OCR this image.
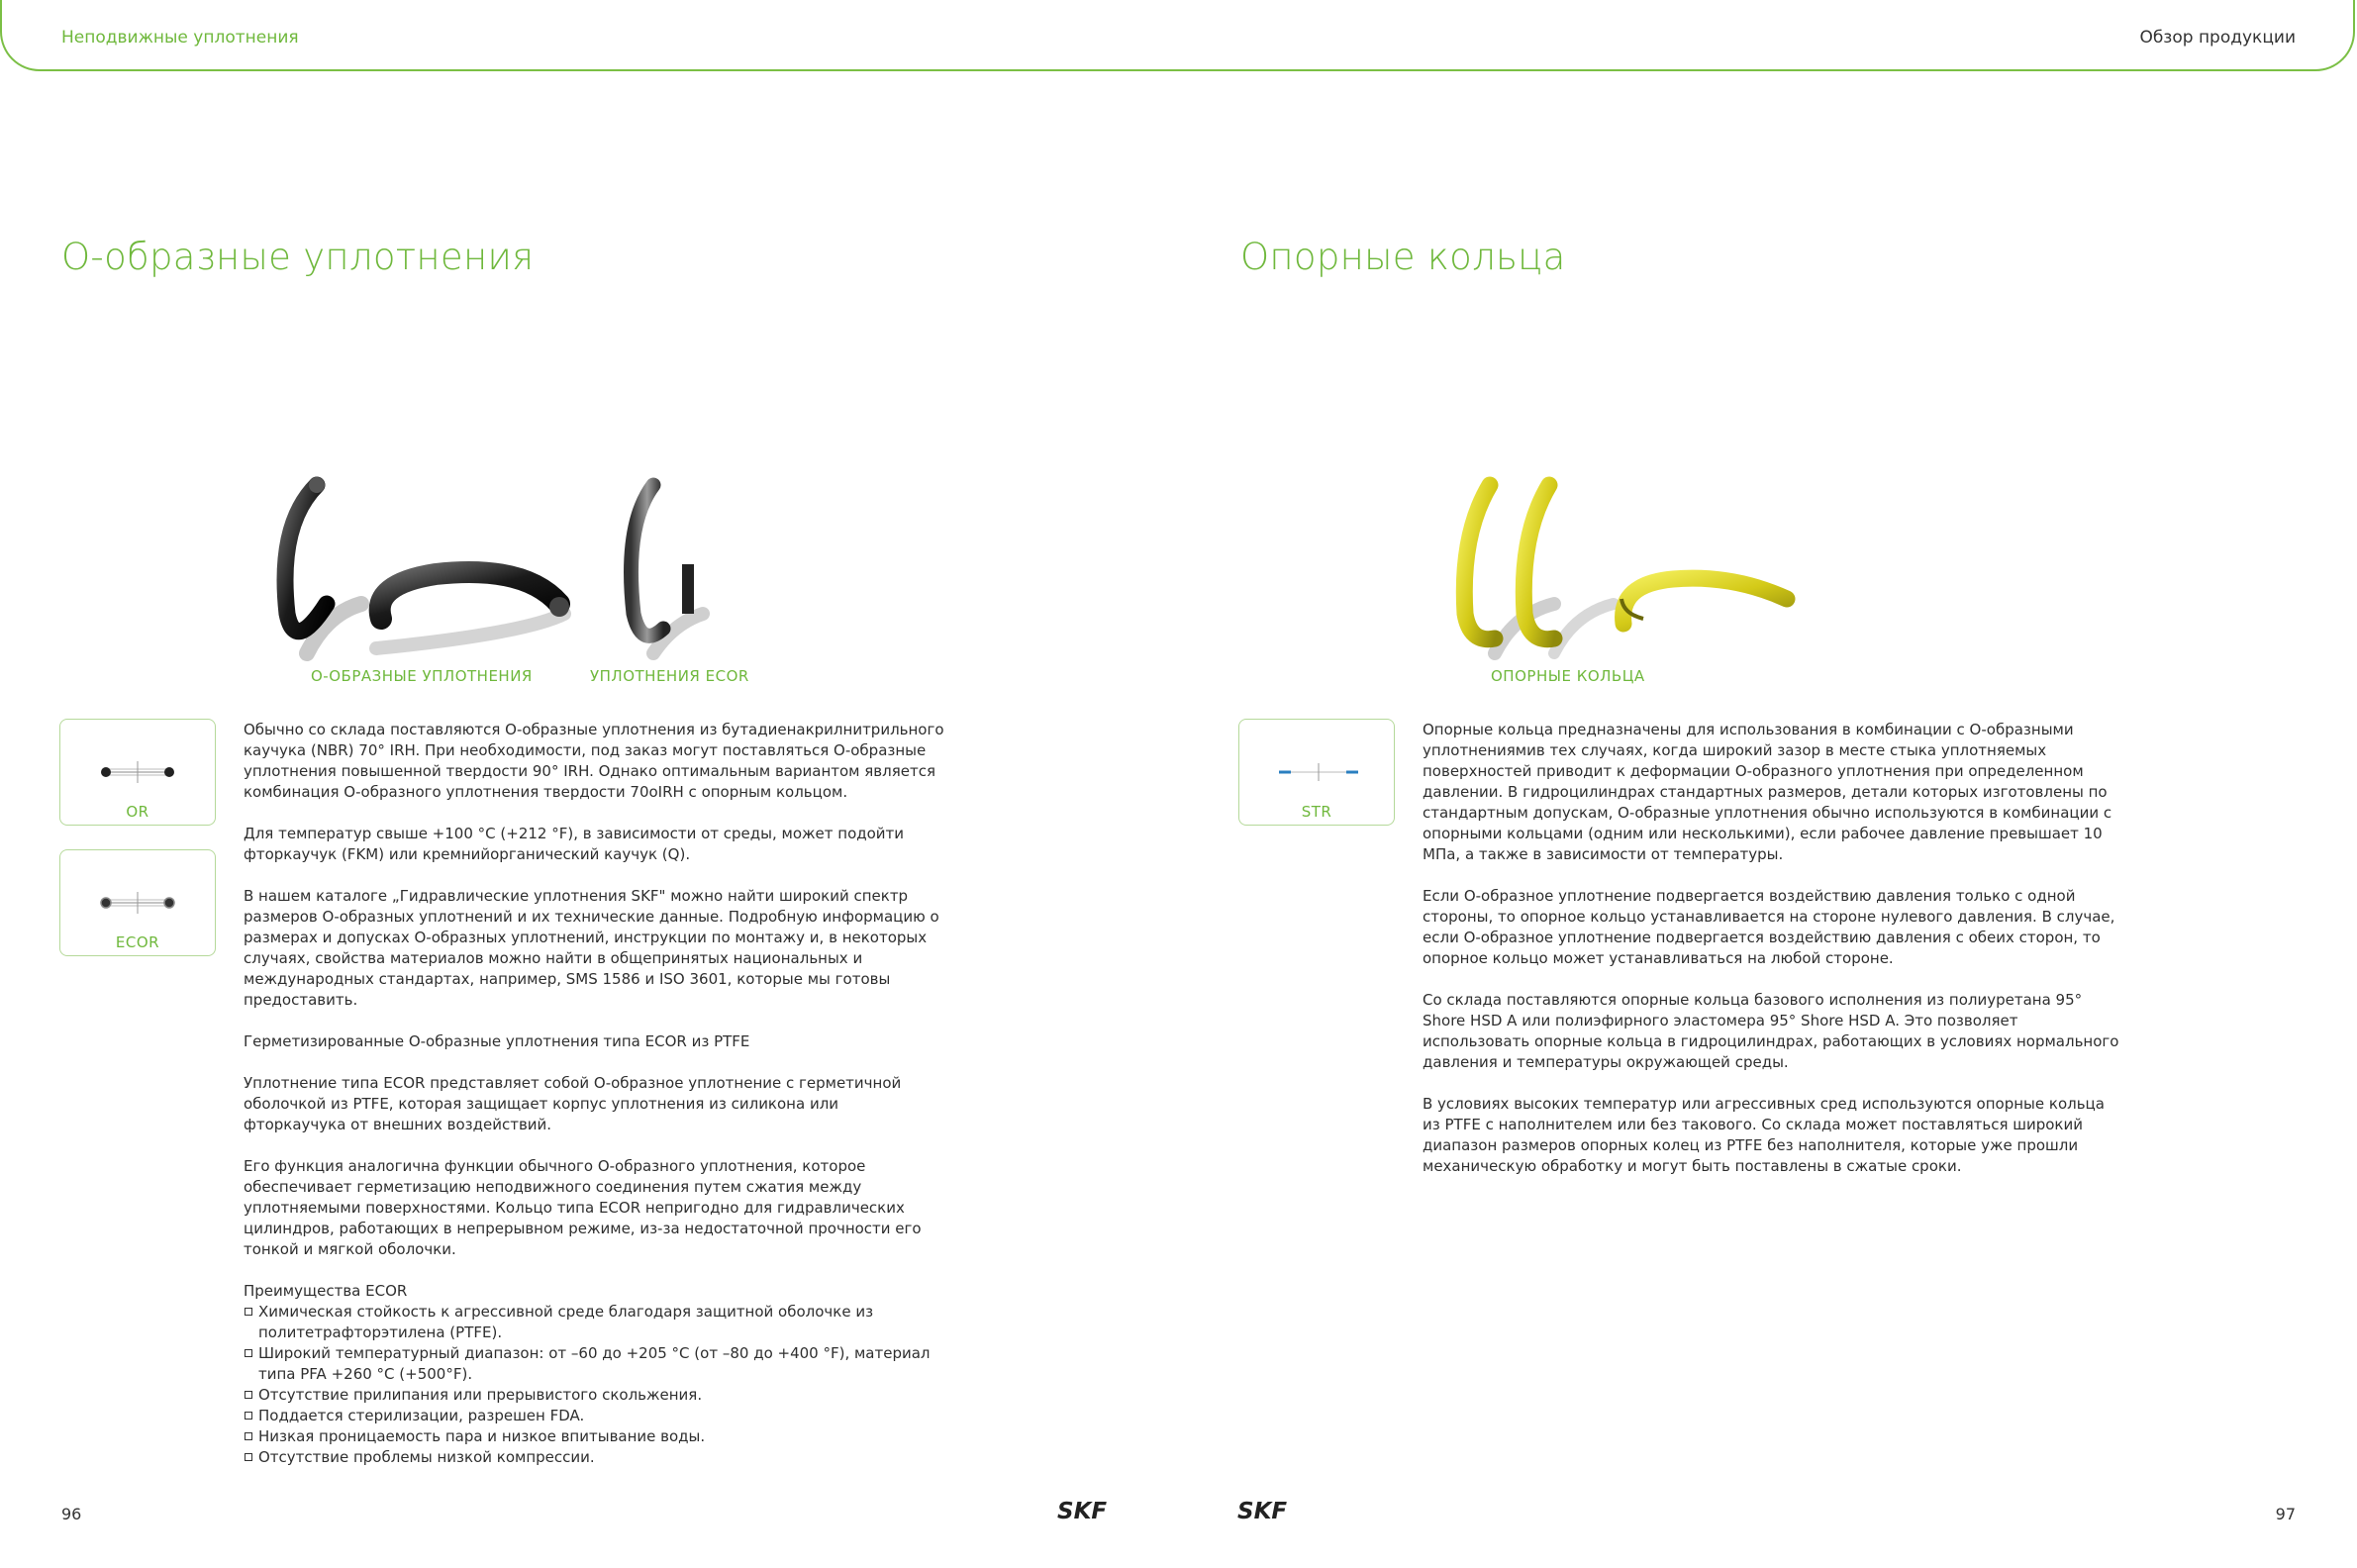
Неподвижные уплотнения	Обзор продукции
О-образные уплотнения
О-ОБРАЗНЫЕ УПЛОТНЕНИЯ	УПЛОТНЕНИЯ ECOR
OR
ECOR

Обычно со склада поставляются О-образные уплотнения из бутадиенакрилнитрильного каучука (NBR) 70° IRH. При необходимости, под заказ могут поставляться О-образные уплотнения повышенной твердости 90° IRH. Однако оптимальным вариантом является комбинация О-образного уплотнения твердости 70oIRH с опорным кольцом.

Для температур свыше +100 °C (+212 °F), в зависимости от среды, может подойти фторкаучук (FKM) или кремнийорганический каучук (Q).

В нашем каталоге „Гидравлические уплотнения SKF" можно найти широкий спектр размеров О-образных уплотнений и их технические данные. Подробную информацию о размерах и допусках О-образных уплотнений, инструкции по монтажу и, в некоторых случаях, свойства материалов можно найти в общепринятых национальных и международных стандартах, например, SMS 1586 и ISO 3601, которые мы готовы предоставить.

Герметизированные О-образные уплотнения типа ECOR из PTFE

Уплотнение типа ECOR представляет собой О-образное уплотнение с герметичной оболочкой из PTFE, которая защищает корпус уплотнения из силикона или фторкаучука от внешних воздействий.

Его функция аналогична функции обычного О-образного уплотнения, которое обеспечивает герметизацию неподвижного соединения путем сжатия между уплотняемыми поверхностями. Кольцо типа ECOR непригодно для гидравлических цилиндров, работающих в непрерывном режиме, из-за недостаточной прочности его тонкой и мягкой оболочки.

Преимущества ECOR
Химическая стойкость к агрессивной среде благодаря защитной оболочке из политетрафторэтилена (PTFE).
Широкий температурный диапазон: от –60 до +205 °C (от –80 до +400 °F), материал типа PFA +260 °C (+500°F).
Отсутствие прилипания или прерывистого скольжения.
Поддается стерилизации, разрешен FDA.
Низкая проницаемость пара и низкое впитывание воды.
Отсутствие проблемы низкой компрессии.
Опорные кольца
ОПОРНЫЕ КОЛЬЦА
STR

Опорные кольца предназначены для использования в комбинации с О-образными уплотнениямив тех случаях, когда широкий зазор в месте стыка уплотняемых поверхностей приводит к деформации О-образного уплотнения при определенном давлении. В гидроцилиндрах стандартных размеров, детали которых изготовлены по стандартным допускам, О-образные уплотнения обычно используются в комбинации с опорными кольцами (одним или несколькими), если рабочее давление превышает 10 МПа, а также в зависимости от температуры.

Если О-образное уплотнение подвергается воздействию давления только с одной стороны, то опорное кольцо устанавливается на стороне нулевого давления. В случае, если О-образное уплотнение подвергается воздействию давления с обеих сторон, то опорное кольцо может устанавливаться на любой стороне.

Со склада поставляются опорные кольца базового исполнения из полиуретана 95° Shore HSD A или полиэфирного эластомера 95° Shore HSD A. Это позволяет использовать опорные кольца в гидроцилиндрах, работающих в условиях нормального давления и температуры окружающей среды.

В условиях высоких температур или агрессивных сред используются опорные кольца из PTFE с наполнителем или без такового. Со склада может поставляться широкий диапазон размеров опорных колец из PTFE без наполнителя, которые уже прошли механическую обработку и могут быть поставлены в сжатые сроки.

96	97
SKF	SKF
